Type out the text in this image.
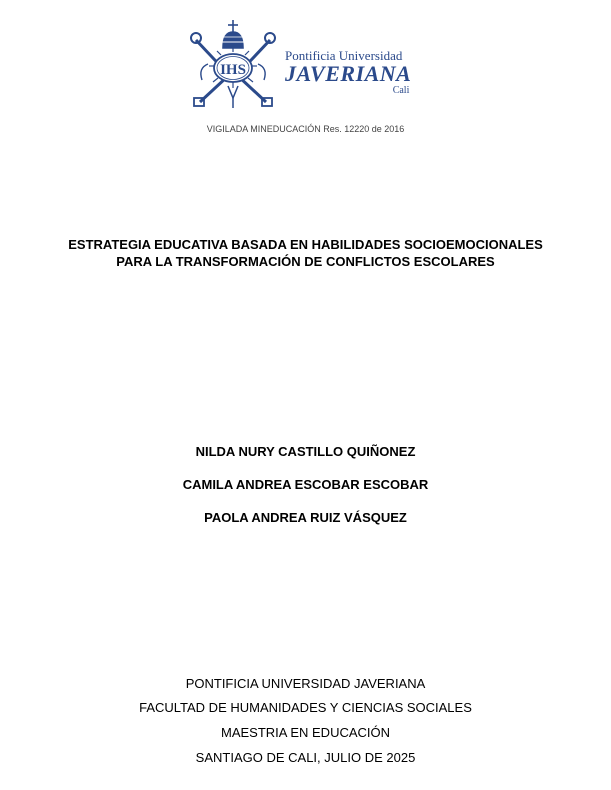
IHS
Pontificia Universidad
JAVERIANA
Cali
VIGILADA MINEDUCACIÓN Res. 12220 de 2016
ESTRATEGIA EDUCATIVA BASADA EN HABILIDADES SOCIOEMOCIONALES
PARA LA TRANSFORMACIÓN DE CONFLICTOS ESCOLARES
NILDA NURY CASTILLO QUIÑONEZ
CAMILA ANDREA ESCOBAR ESCOBAR
PAOLA ANDREA RUIZ VÁSQUEZ
PONTIFICIA UNIVERSIDAD JAVERIANA
FACULTAD DE HUMANIDADES Y CIENCIAS SOCIALES
MAESTRIA EN EDUCACIÓN
SANTIAGO DE CALI, JULIO DE 2025
